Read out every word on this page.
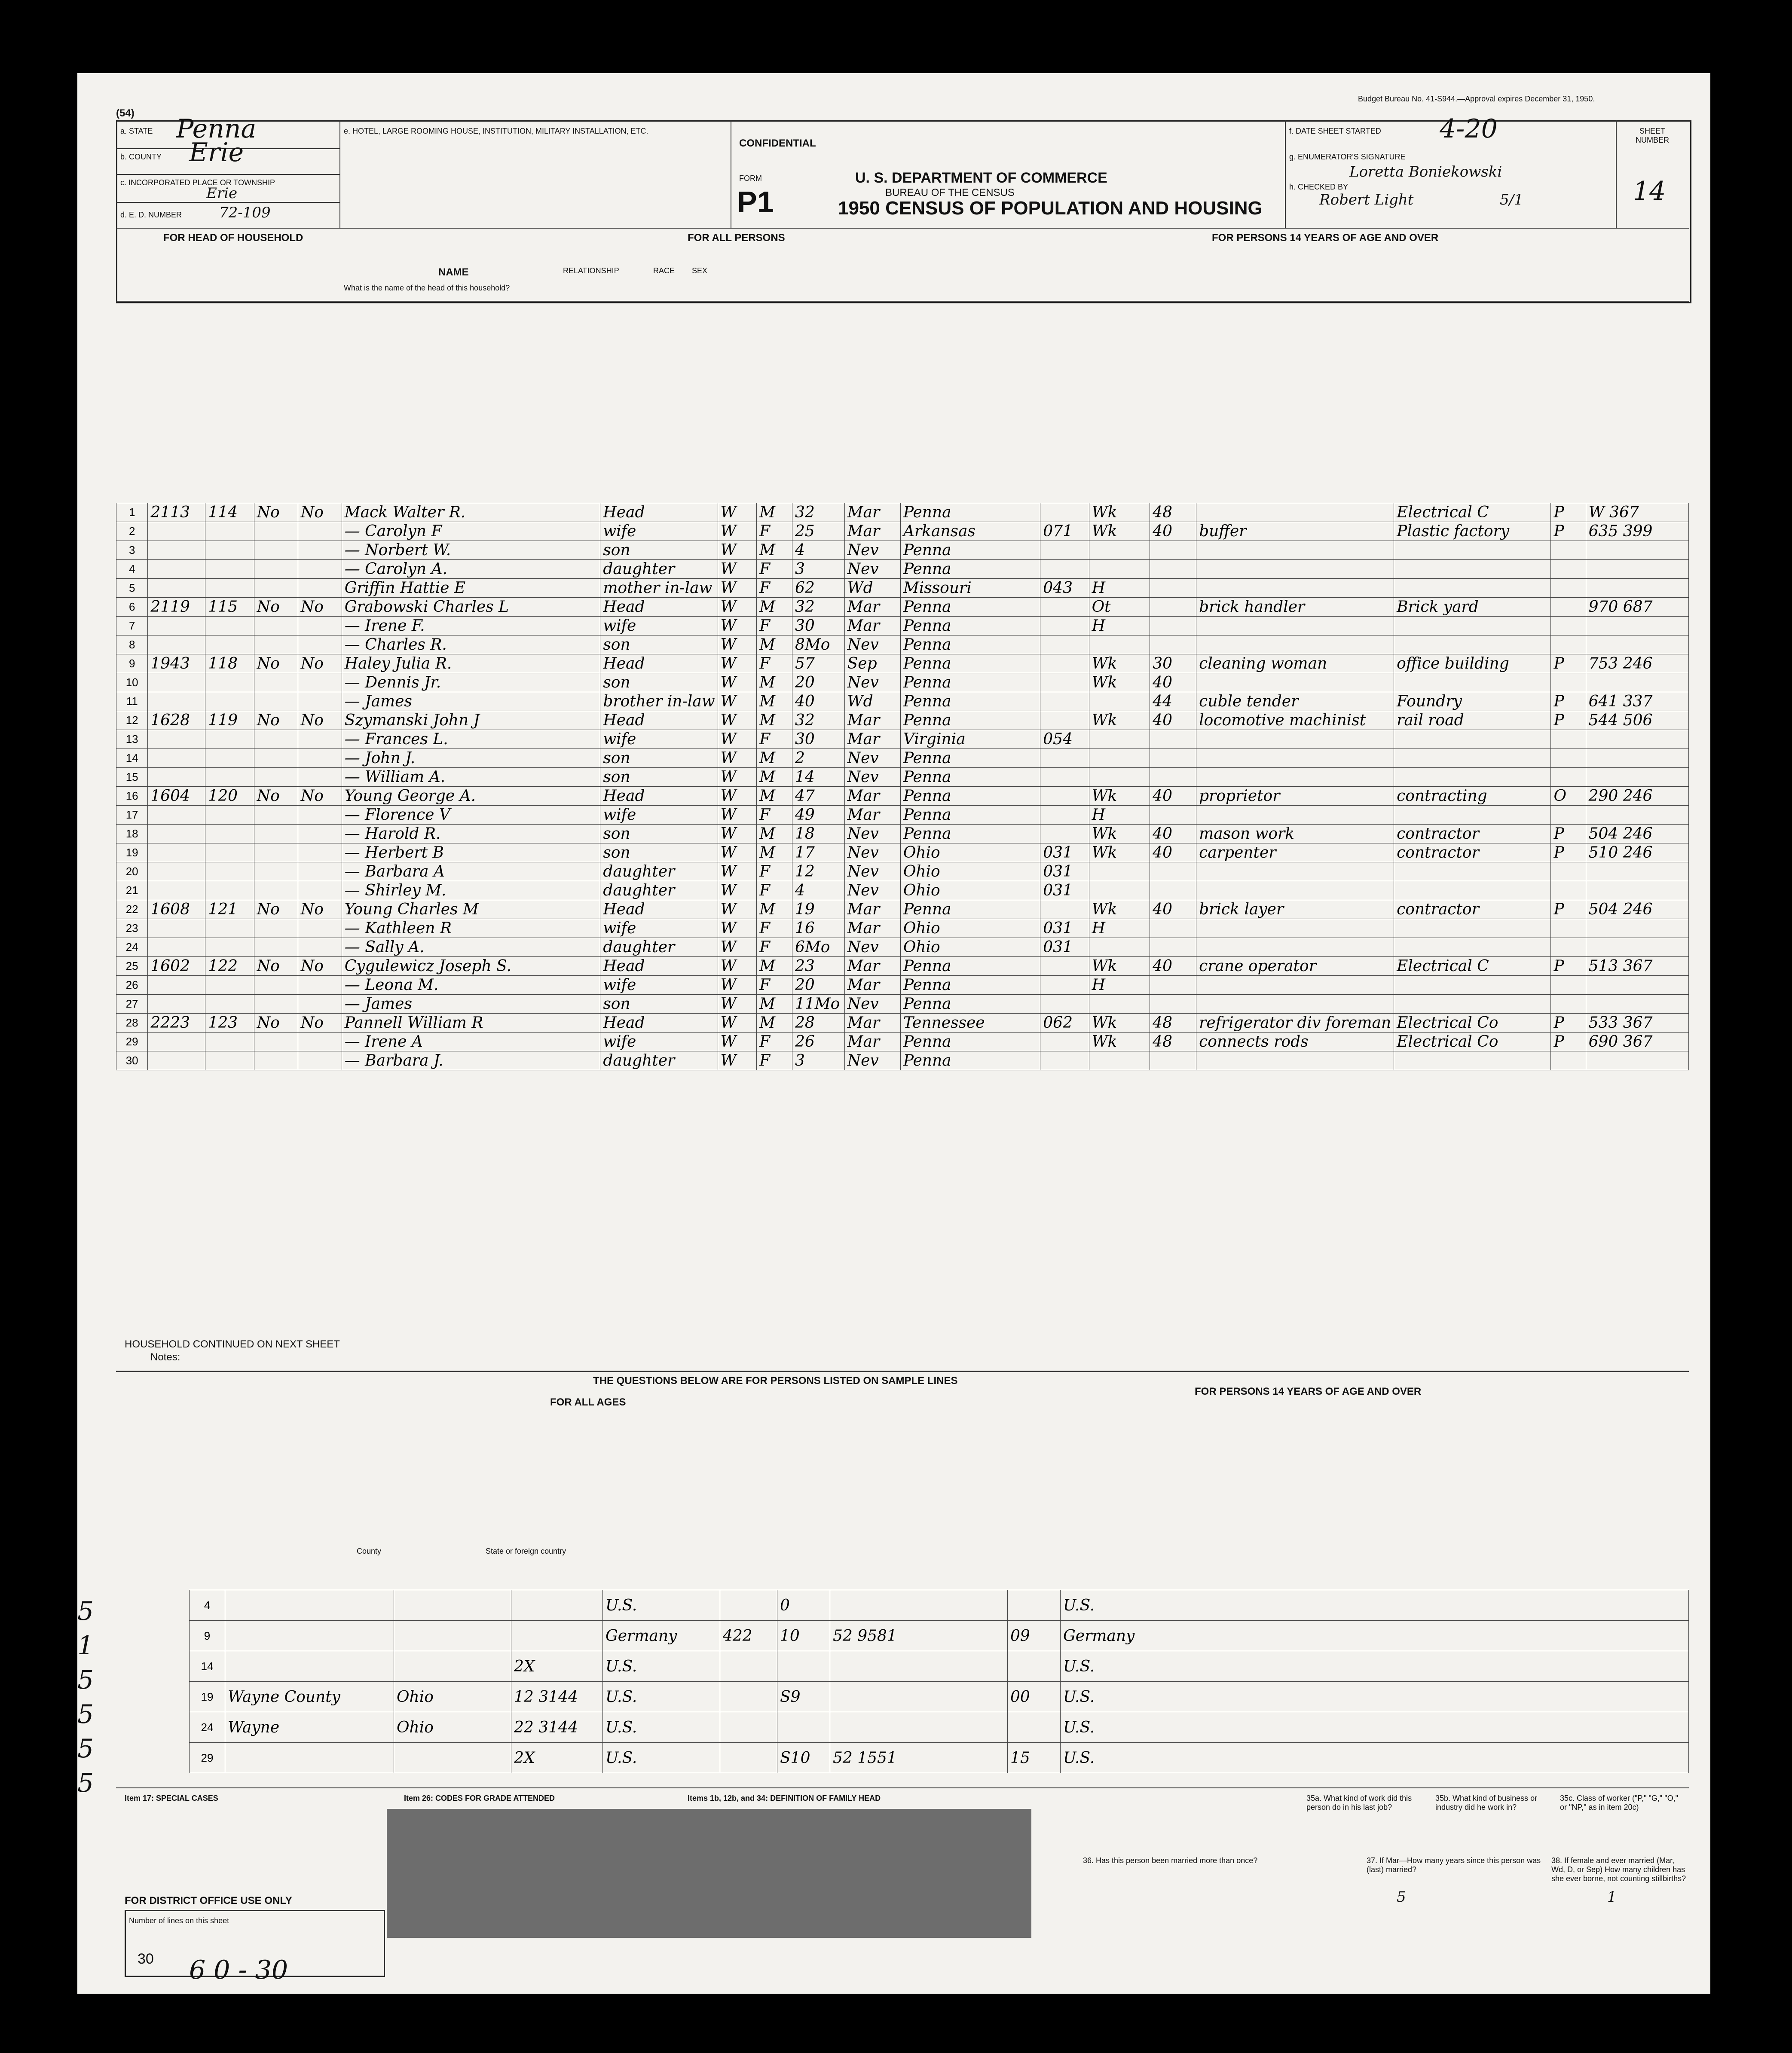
Budget Bureau No. 41-S944.—Approval expires December 31, 1950.
(54)
a. STATE Penna
b. COUNTY Erie
c. INCORPORATED PLACE OR TOWNSHIP
Erie
d. E. D. NUMBER	72-109
e. HOTEL, LARGE ROOMING HOUSE, INSTITUTION, MILITARY INSTALLATION, ETC.
CONFIDENTIAL
FORM
P1
U. S. DEPARTMENT OF COMMERCE
BUREAU OF THE CENSUS
1950 CENSUS OF POPULATION AND HOUSING
f. DATE SHEET STARTED 4-20
g. ENUMERATOR'S SIGNATURE
Loretta Boniekowski
h. CHECKED BY
Robert Light	5/1
SHEET NUMBER
14
FOR HEAD OF HOUSEHOLD	FOR ALL PERSONS	FOR PERSONS 14 YEARS OF AGE AND OVER
NAME
What is the name of the head of this household?
RELATIONSHIP	RACE SEX
1	2113	114	No	No	Mack Walter R.	Head	W	M	32	Mar	Penna		Wk	48		Electrical C	P	W 367
2					— Carolyn F	wife	W	F	25	Mar	Arkansas	071	Wk	40	buffer	Plastic factory	P	635 399
3					— Norbert W.	son	W	M	4	Nev	Penna							
4					— Carolyn A.	daughter	W	F	3	Nev	Penna							
5					Griffin Hattie E	mother in-law	W	F	62	Wd	Missouri	043	H					
6	2119	115	No	No	Grabowski Charles L	Head	W	M	32	Mar	Penna		Ot		brick handler	Brick yard		970 687
7					— Irene F.	wife	W	F	30	Mar	Penna		H					
8					— Charles R.	son	W	M	8Mo	Nev	Penna							
9	1943	118	No	No	Haley Julia R.	Head	W	F	57	Sep	Penna		Wk	30	cleaning woman	office building	P	753 246
10					— Dennis Jr.	son	W	M	20	Nev	Penna		Wk	40				
11					— James	brother in-law	W	M	40	Wd	Penna			44	cuble tender	Foundry	P	641 337
12	1628	119	No	No	Szymanski John J	Head	W	M	32	Mar	Penna		Wk	40	locomotive machinist	rail road	P	544 506
13					— Frances L.	wife	W	F	30	Mar	Virginia	054						
14					— John J.	son	W	M	2	Nev	Penna							
15					— William A.	son	W	M	14	Nev	Penna							
16	1604	120	No	No	Young George A.	Head	W	M	47	Mar	Penna		Wk	40	proprietor	contracting	O	290 246
17					— Florence V	wife	W	F	49	Mar	Penna		H					
18					— Harold R.	son	W	M	18	Nev	Penna		Wk	40	mason work	contractor	P	504 246
19					— Herbert B	son	W	M	17	Nev	Ohio	031	Wk	40	carpenter	contractor	P	510 246
20					— Barbara A	daughter	W	F	12	Nev	Ohio	031						
21					— Shirley M.	daughter	W	F	4	Nev	Ohio	031						
22	1608	121	No	No	Young Charles M	Head	W	M	19	Mar	Penna		Wk	40	brick layer	contractor	P	504 246
23					— Kathleen R	wife	W	F	16	Mar	Ohio	031	H					
24					— Sally A.	daughter	W	F	6Mo	Nev	Ohio	031						
25	1602	122	No	No	Cygulewicz Joseph S.	Head	W	M	23	Mar	Penna		Wk	40	crane operator	Electrical C	P	513 367
26					— Leona M.	wife	W	F	20	Mar	Penna		H					
27					— James	son	W	M	11Mo	Nev	Penna							
28	2223	123	No	No	Pannell William R	Head	W	M	28	Mar	Tennessee	062	Wk	48	refrigerator div foreman	Electrical Co	P	533 367
29					— Irene A	wife	W	F	26	Mar	Penna		Wk	48	connects rods	Electrical Co	P	690 367
30					— Barbara J.	daughter	W	F	3	Nev	Penna							
HOUSEHOLD CONTINUED ON NEXT SHEET
Notes:
THE QUESTIONS BELOW ARE FOR PERSONS LISTED ON SAMPLE LINES
FOR ALL AGES
FOR PERSONS 14 YEARS OF AGE AND OVER
County	State or foreign country
4				U.S.		0			U.S.
9				Germany	422	10	52 9581	09	Germany
14			2X	U.S.					U.S.
19	Wayne County	Ohio	12 3144	U.S.		S9		00	U.S.
24	Wayne	Ohio	22 3144	U.S.					U.S.
29			2X	U.S.		S10	52 1551	15	U.S.
5
1
5
5
5
5	Item 17: SPECIAL CASES	Item 26: CODES FOR GRADE ATTENDED	Items 1b, 12b, and 34: DEFINITION OF FAMILY HEAD
36. Has this person been married more than once?	37. If Mar—How many years since this person was (last) married?
5
38. If female and ever married (Mar, Wd, D, or Sep) How many children has she ever borne, not counting stillbirths?
1
35a. What kind of work did this person do in his last job?
35b. What kind of business or industry did he work in?
35c. Class of worker ("P," "G," "O," or "NP," as in item 20c)
FOR DISTRICT OFFICE USE ONLY
Number of lines on this sheet
30 6 0 - 30
